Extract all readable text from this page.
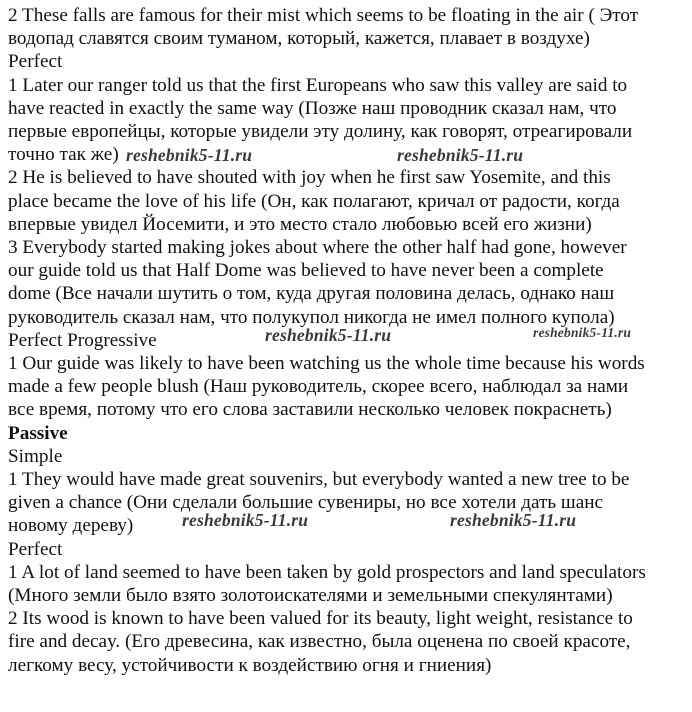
2 These falls are famous for their mist which seems to be floating in the air ( Этот
водопад славятся своим туманом, который, кажется, плавает в воздухе)
Perfect
1 Later our ranger told us that the first Europeans who saw this valley are said to
have reacted in exactly the same way (Позже наш проводник сказал нам, что
первые европейцы, которые увидели эту долину, как говорят, отреагировали
точно так же)
2 He is believed to have shouted with joy when he first saw Yosemite, and this
place became the love of his life (Он, как полагают, кричал от радости, когда
впервые увидел Йосемити, и это место стало любовью всей его жизни)
3 Everybody started making jokes about where the other half had gone, however
our guide told us that Half Dome was believed to have never been a complete
dome (Все начали шутить о том, куда другая половина делась, однако наш
руководитель сказал нам, что полукупол никогда не имел полного купола)
Perfect Progressive
1 Our guide was likely to have been watching us the whole time because his words
made a few people blush (Наш руководитель, скорее всего, наблюдал за нами
все время, потому что его слова заставили несколько человек покраснеть)
Passive
Simple
1 They would have made great souvenirs, but everybody wanted a new tree to be
given a chance (Они сделали большие сувениры, но все хотели дать шанс
новому дереву)
Perfect
1 A lot of land seemed to have been taken by gold prospectors and land speculators
(Много земли было взято золотоискателями и земельными спекулянтами)
2 Its wood is known to have been valued for its beauty, light weight, resistance to
fire and decay. (Его древесина, как известно, была оценена по своей красоте,
легкому весу, устойчивости к воздействию огня и гниения)
reshebnik5-11.ru	reshebnik5-11.ru
reshebnik5-11.ru	reshebnik5-11.ru
reshebnik5-11.ru	reshebnik5-11.ru
